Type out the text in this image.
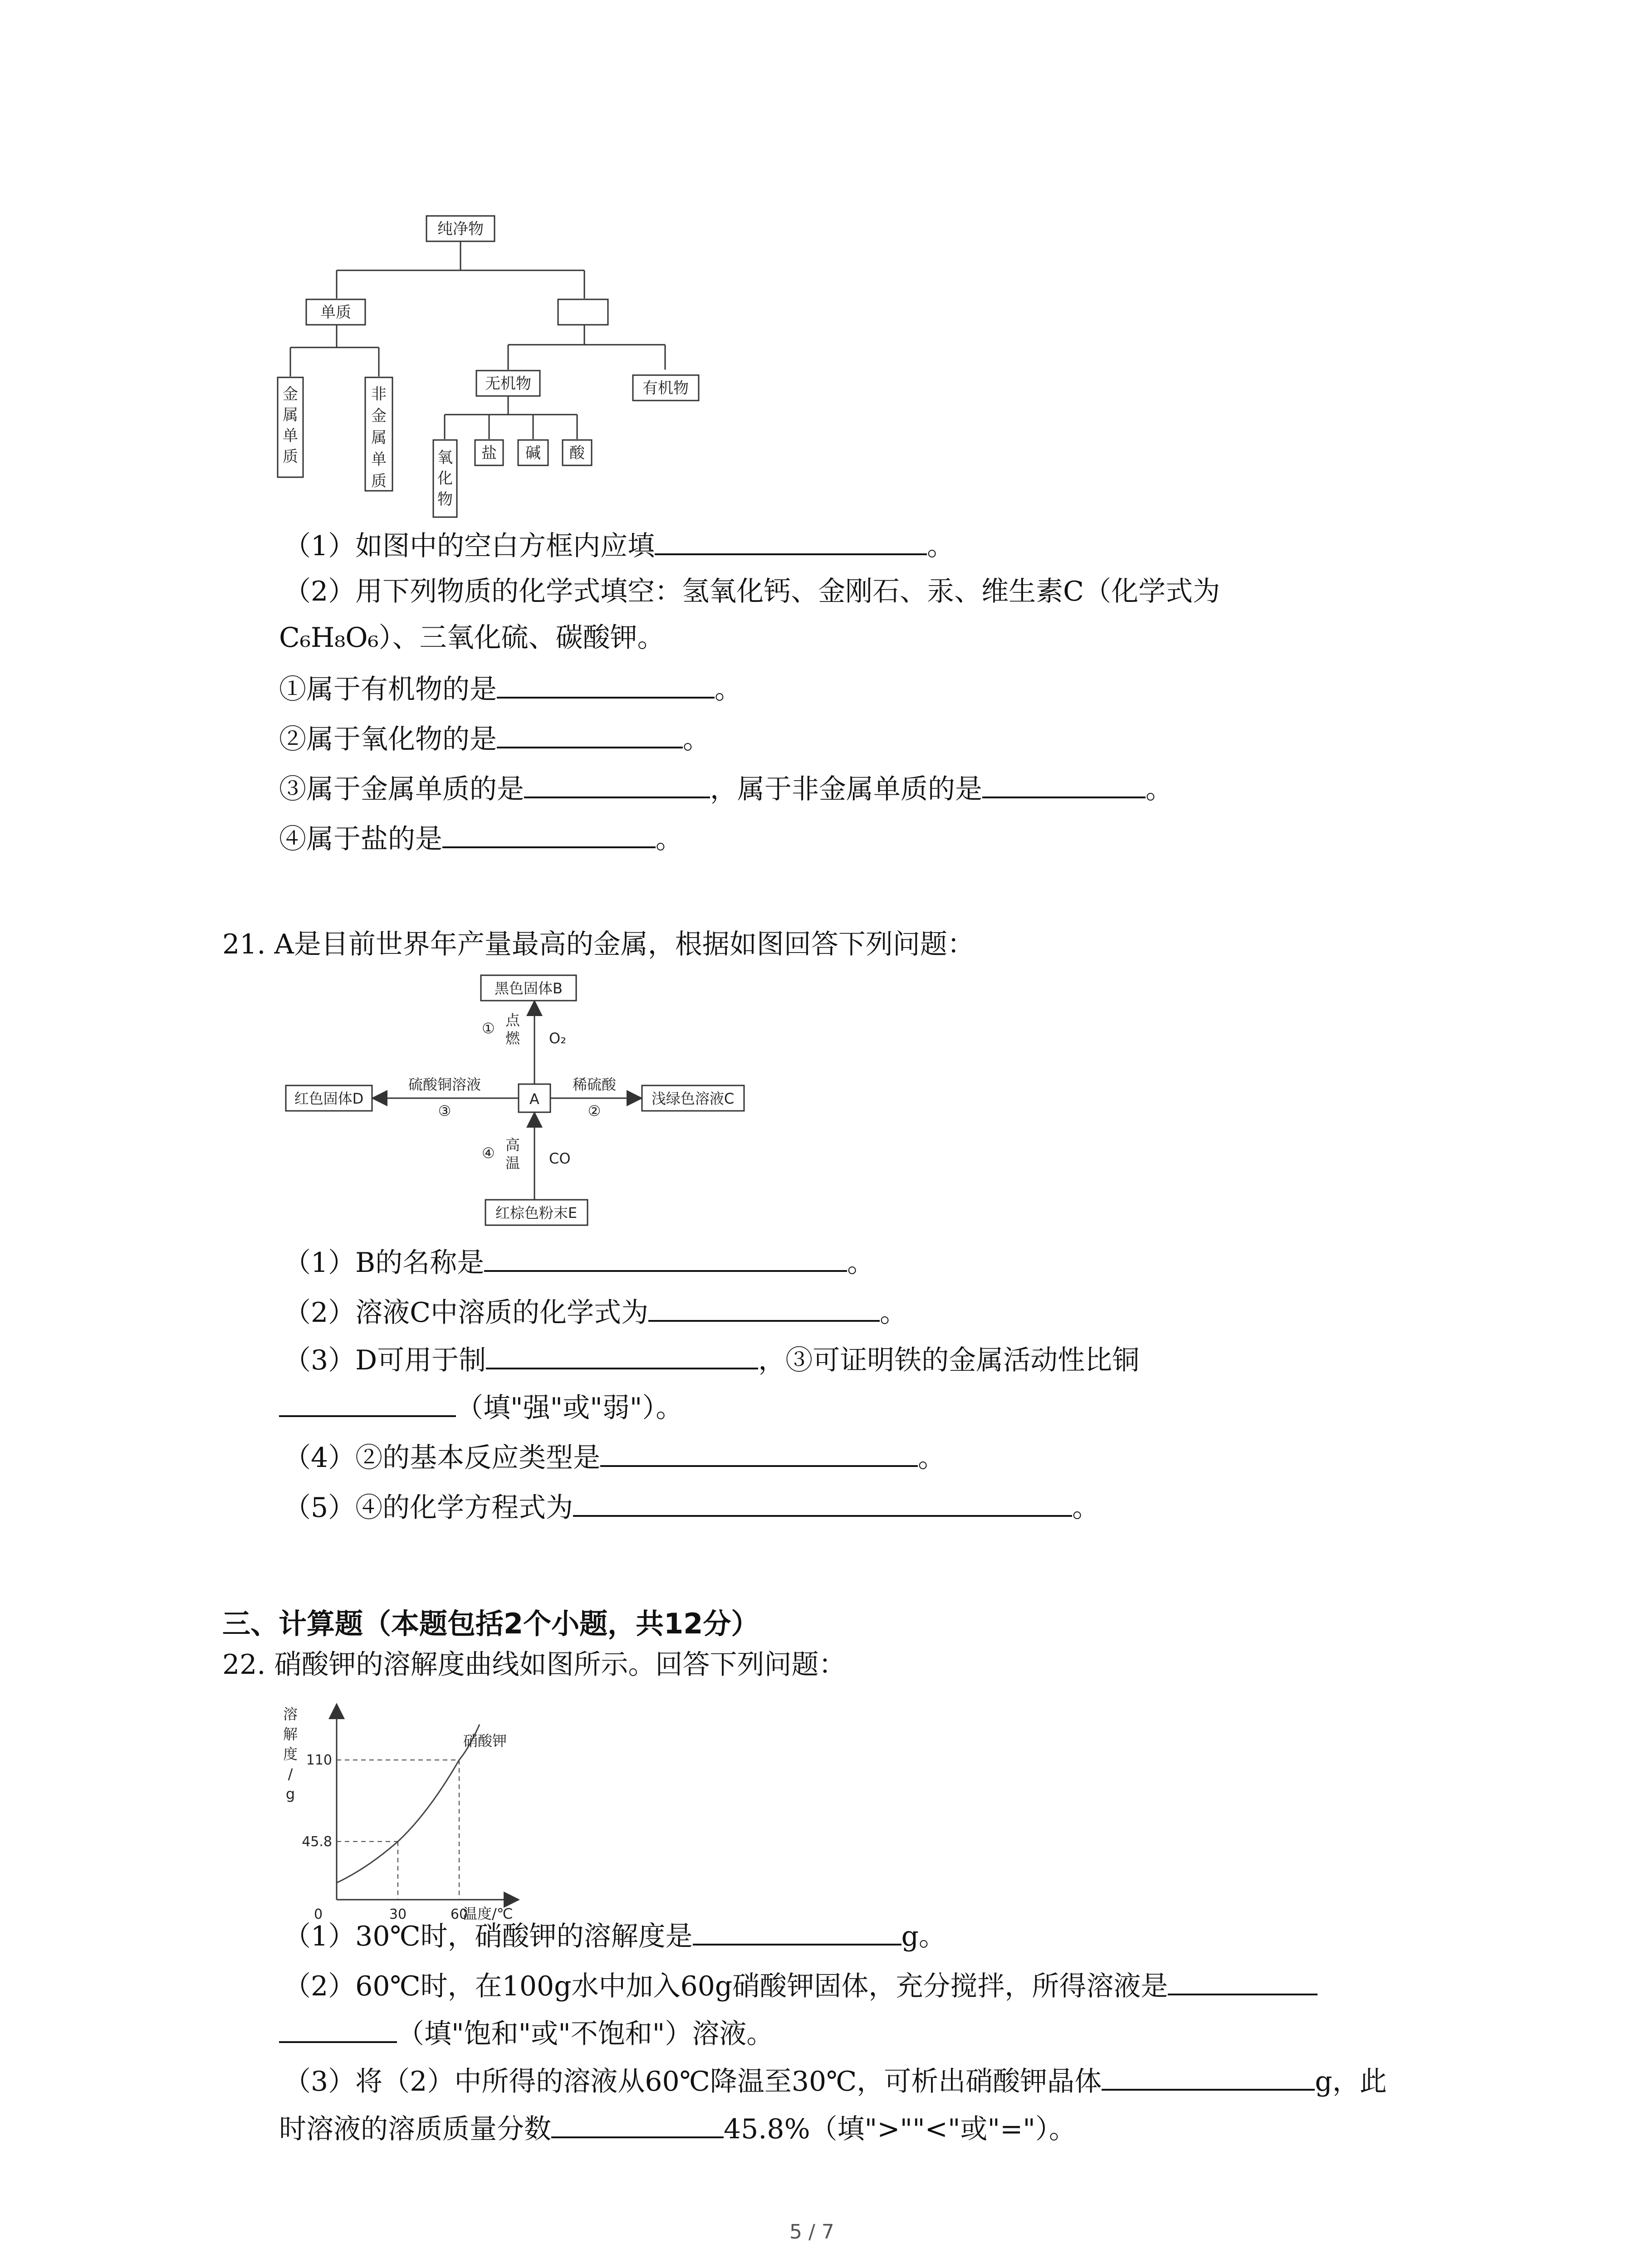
纯净物
单质
无机物	有机物
盐 碱 酸
金属单质
非金属单质
氧化物
（1）如图中的空白方框内应填	。
（2）用下列物质的化学式填空：氢氧化钙、金刚石、汞、维生素C（化学式为
C₆H₈O₆）、三氧化硫、碳酸钾。
①属于有机物的是	。
②属于氧化物的是	。
③属于金属单质的是	，属于非金属单质的是	。
④属于盐的是	。
21. A是目前世界年产量最高的金属，根据如图回答下列问题：
黑色固体B
A
红色固体D	浅绿色溶液C
红棕色粉末E
O₂
硫酸铜溶液
③
稀硫酸
②
CO
① 点燃
④ 高温
（1）B的名称是	。
（2）溶液C中溶质的化学式为	。
（3）D可用于制	，③可证明铁的金属活动性比铜
（填"强"或"弱"）。
（4）②的基本反应类型是	。
（5）④的化学方程式为	。
三、计算题（本题包括2个小题，共12分）
22. 硝酸钾的溶解度曲线如图所示。回答下列问题：
硝酸钾
0	30	60
45.8
110
溶解度/ g
温度/℃
（1）30℃时，硝酸钾的溶解度是	g。
（2）60℃时，在100g水中加入60g硝酸钾固体，充分搅拌，所得溶液是
（填"饱和"或"不饱和"）溶液。
（3）将（2）中所得的溶液从60℃降温至30℃，可析出硝酸钾晶体	g，此
时溶液的溶质质量分数	45.8%（填">""<"或"="）。
5 / 7
